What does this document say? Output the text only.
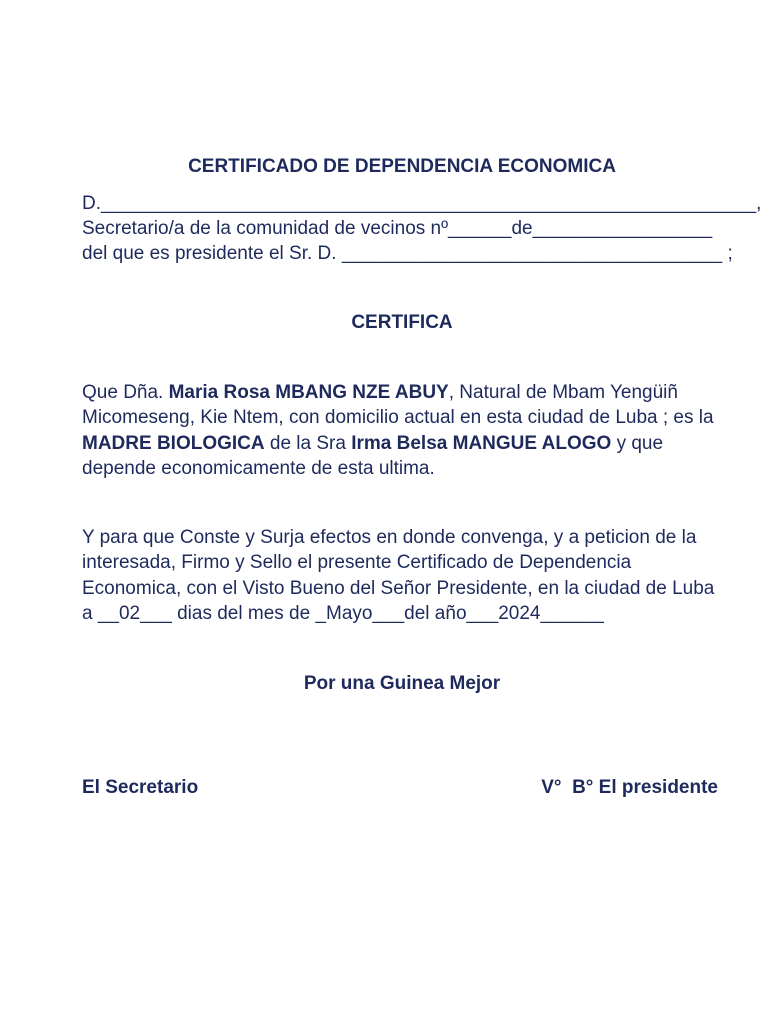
CERTIFICADO DE DEPENDENCIA ECONOMICA
D.______________________________________________________________,
Secretario/a de la comunidad de vecinos nº______de_________________
del que es presidente el Sr. D. ____________________________________ ;
CERTIFICA
Que Dña. Maria Rosa MBANG NZE ABUY, Natural de Mbam Yengüiñ Micomeseng, Kie Ntem, con domicilio actual en esta ciudad de Luba ; es la MADRE BIOLOGICA de la Sra Irma Belsa MANGUE ALOGO y que depende economicamente de esta ultima.
Y para que Conste y Surja efectos en donde convenga, y a peticion de la interesada, Firmo y Sello el presente Certificado de Dependencia Economica, con el Visto Bueno del Señor Presidente, en la ciudad de Luba a __02___ dias del mes de _Mayo___del año___2024______
Por una Guinea Mejor
El Secretario	V°  B° El presidente
